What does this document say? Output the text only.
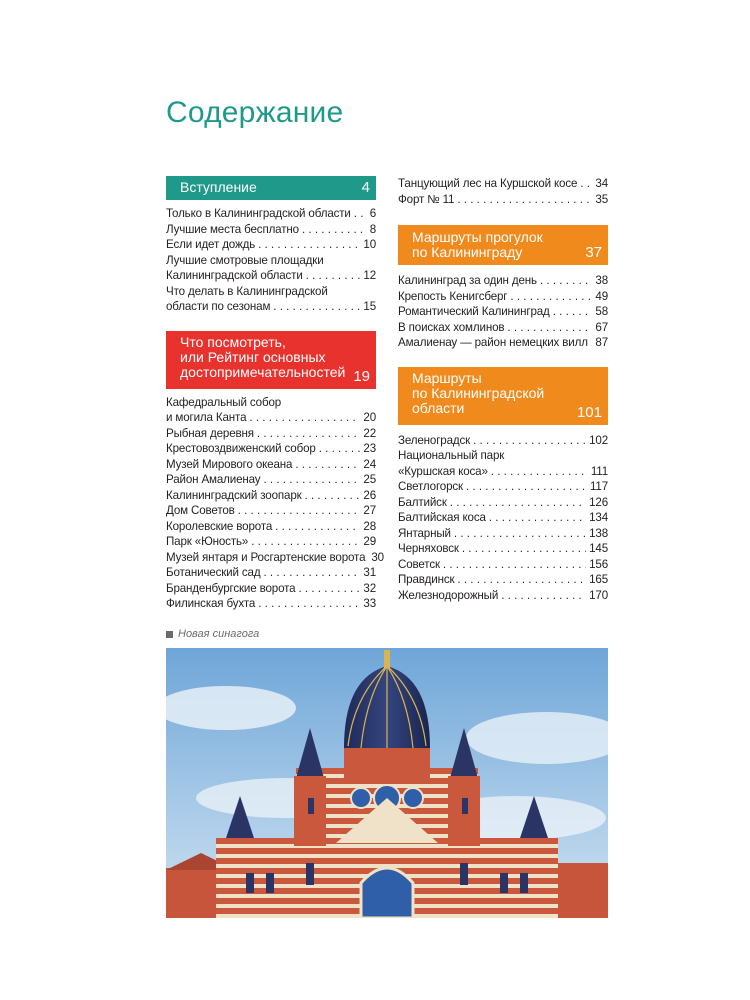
Содержание
Вступление	4
Только в Калининградской области . . . 6
Лучшие места бесплатно . . .	8
Если идет дождь . . .	10
Лучшие смотровые площадки
Калининградской области . . .	12
Что делать в Калининградской
области по сезонам . . .	15
Что посмотреть,
или Рейтинг основных
достопримечательностей 19
Кафедральный собор
и могила Канта . . .	20
Рыбная деревня . . .	22
Крестовоздвиженский собор . . .	23
Музей Мирового океана . . .	24
Район Амалиенау . . .	25
Калининградский зоопарк . . .	26
Дом Советов . . .	27
Королевские ворота . . .	28
Парк «Юность» . . .	29
Музей янтаря и Росгартенские ворота 30
Ботанический сад . . .	31
Бранденбургские ворота . . .	32
Филинская бухта . . .	33
Танцующий лес на Куршской косе . . . 34
Форт № 11 . . .	35
Маршруты прогулок
по Калининграду	37
Калининград за один день . . .	38
Крепость Кенигсберг . . .	49
Романтический Калининград . . .	58
В поисках хомлинов . . .	67
Амалиенау — район немецких вилл . . . 87
Маршруты
по Калининградской
области	101
Зеленоградск . . .	102
Национальный парк
«Куршская коса» . . .	111
Светлогорск . . .	117
Балтийск . . .	126
Балтийская коса . . .	134
Янтарный . . .	138
Черняховск . . .	145
Советск . . .	156
Правдинск . . .	165
Железнодорожный . . .	170
Новая синагога
